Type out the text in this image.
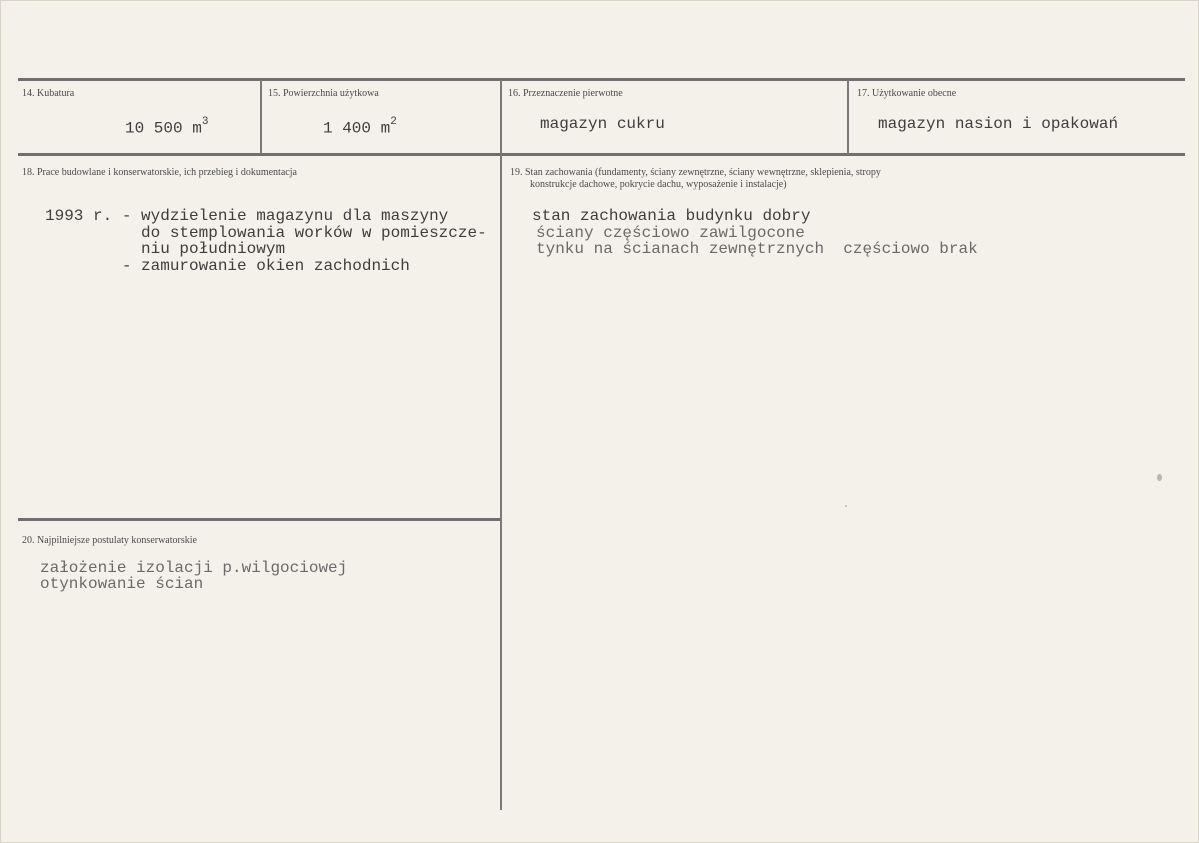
14. Kubatura
10 500 $m^3$
15. Powierzchnia użytkowa
1 400 $m^2$
16. Przeznaczenie pierwotne
magazyn cukru
17. Użytkowanie obecne
magazyn nasion i opakowań
18. Prace budowlane i konserwatorskie, ich przebieg i dokumentacja
1993 r. - wydzielenie magazynu dla maszyny
do stemplowania worków w pomieszcze-
niu południowym
- zamurowanie okien zachodnich
19. Stan zachowania (fundamenty, ściany zewnętrzne, ściany wewnętrzne, sklepienia, stropy
konstrukcje dachowe, pokrycie dachu, wyposażenie i instalacje)
stan zachowania budynku dobry
ściany częściowo zawilgocone
tynku na ścianach zewnętrznych  częściowo brak
20. Najpilniejsze postulaty konserwatorskie
założenie izolacji p.wilgociowej
otynkowanie ścian
